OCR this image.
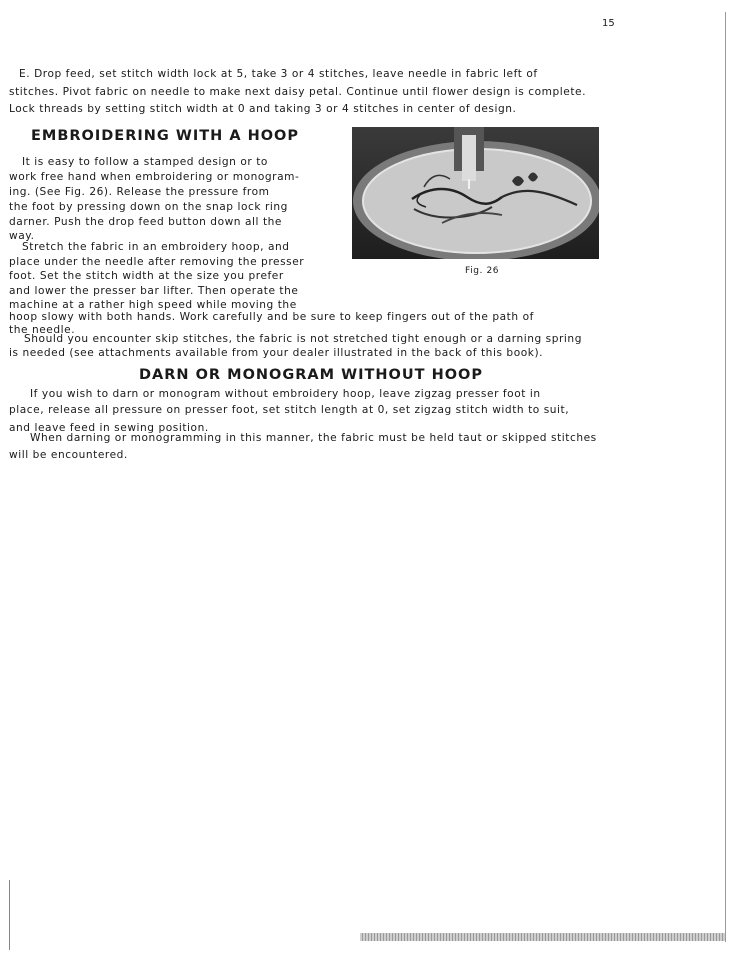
15
E. Drop feed, set stitch width lock at 5, take 3 or 4 stitches, leave needle in fabric left of
stitches. Pivot fabric on needle to make next daisy petal. Continue until flower design is complete.
Lock threads by setting stitch width at 0 and taking 3 or 4 stitches in center of design.
EMBROIDERING WITH A HOOP
It is easy to follow a stamped design or to
work free hand when embroidering or monogram-
ing. (See Fig. 26). Release the pressure from
the foot by pressing down on the snap lock ring
darner. Push the drop feed button down all the
way.
Stretch the fabric in an embroidery hoop, and
place under the needle after removing the presser
foot. Set the stitch width at the size you prefer
and lower the presser bar lifter. Then operate the
machine at a rather high speed while moving the
hoop slowy with both hands. Work carefully and be sure to keep fingers out of the path of
the needle.
Should you encounter skip stitches, the fabric is not stretched tight enough or a darning spring
is needed (see attachments available from your dealer illustrated in the back of this book).
Fig. 26
DARN OR MONOGRAM WITHOUT HOOP
If you wish to darn or monogram without embroidery hoop, leave zigzag presser foot in
place, release all pressure on presser foot, set stitch length at 0, set zigzag stitch width to suit,
and leave feed in sewing position.
When darning or monogramming in this manner, the fabric must be held taut or skipped stitches
will be encountered.
